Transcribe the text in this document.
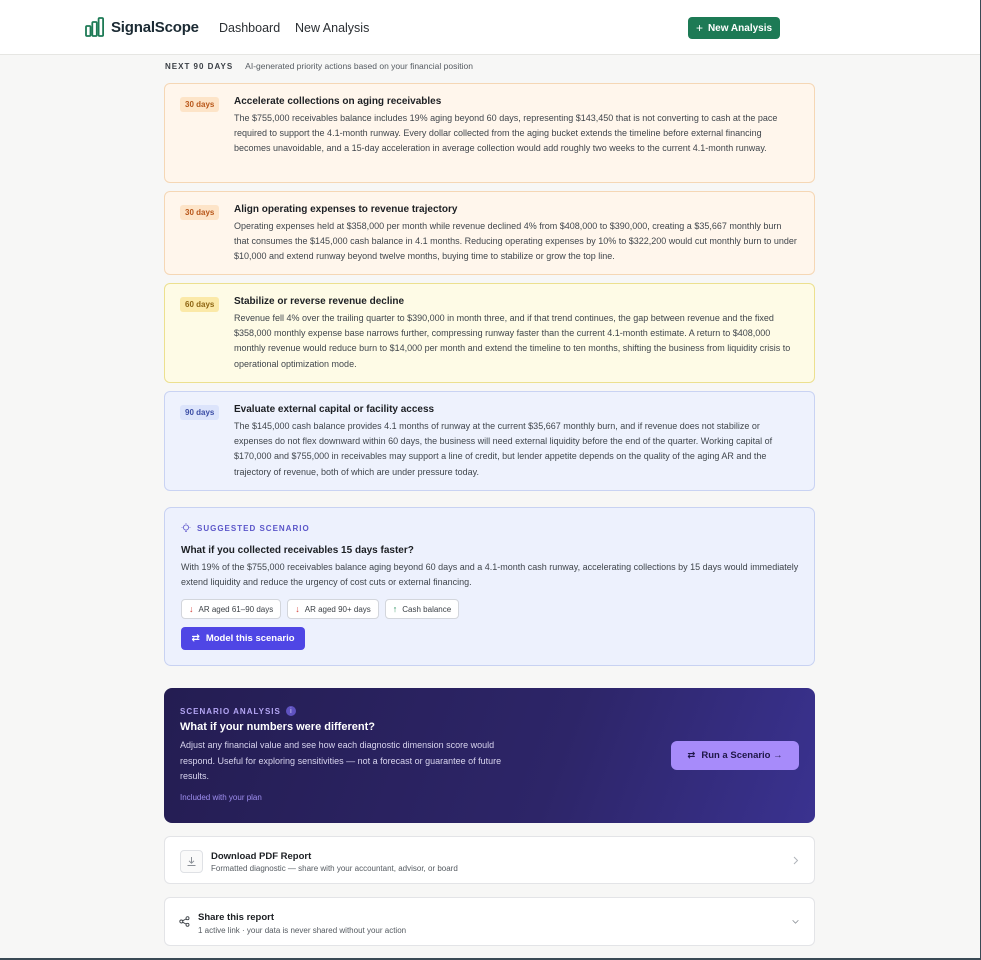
SignalScope Dashboard New Analysis	+ New Analysis
NEXT 90 DAYS AI-generated priority actions based on your financial position
30 days	Accelerate collections on aging receivables
The $755,000 receivables balance includes 19% aging beyond 60 days, representing $143,450 that is not converting to cash at the pace required to support the 4.1-month runway. Every dollar collected from the aging bucket extends the timeline before external financing becomes unavoidable, and a 15-day acceleration in average collection would add roughly two weeks to the current 4.1-month runway.
30 days	Align operating expenses to revenue trajectory
Operating expenses held at $358,000 per month while revenue declined 4% from $408,000 to $390,000, creating a $35,667 monthly burn that consumes the $145,000 cash balance in 4.1 months. Reducing operating expenses by 10% to $322,200 would cut monthly burn to under $10,000 and extend runway beyond twelve months, buying time to stabilize or grow the top line.
60 days	Stabilize or reverse revenue decline
Revenue fell 4% over the trailing quarter to $390,000 in month three, and if that trend continues, the gap between revenue and the fixed $358,000 monthly expense base narrows further, compressing runway faster than the current 4.1-month estimate. A return to $408,000 monthly revenue would reduce burn to $14,000 per month and extend the timeline to ten months, shifting the business from liquidity crisis to operational optimization mode.
90 days	Evaluate external capital or facility access
The $145,000 cash balance provides 4.1 months of runway at the current $35,667 monthly burn, and if revenue does not stabilize or expenses do not flex downward within 60 days, the business will need external liquidity before the end of the quarter. Working capital of $170,000 and $755,000 in receivables may support a line of credit, but lender appetite depends on the quality of the aging AR and the trajectory of revenue, both of which are under pressure today.
SUGGESTED SCENARIO
What if you collected receivables 15 days faster?
With 19% of the $755,000 receivables balance aging beyond 60 days and a 4.1-month cash runway, accelerating collections by 15 days would immediately extend liquidity and reduce the urgency of cost cuts or external financing.
↓ AR aged 61–90 days ↓ AR aged 90+ days ↑ Cash balance
⇄ Model this scenario
SCENARIO ANALYSIS	i
What if your numbers were different?
Adjust any financial value and see how each diagnostic dimension score would respond. Useful for exploring sensitivities — not a forecast or guarantee of future results.
Included with your plan
⇄ Run a Scenario →
Download PDF Report
Formatted diagnostic — share with your accountant, advisor, or board
Share this report
1 active link · your data is never shared without your action
